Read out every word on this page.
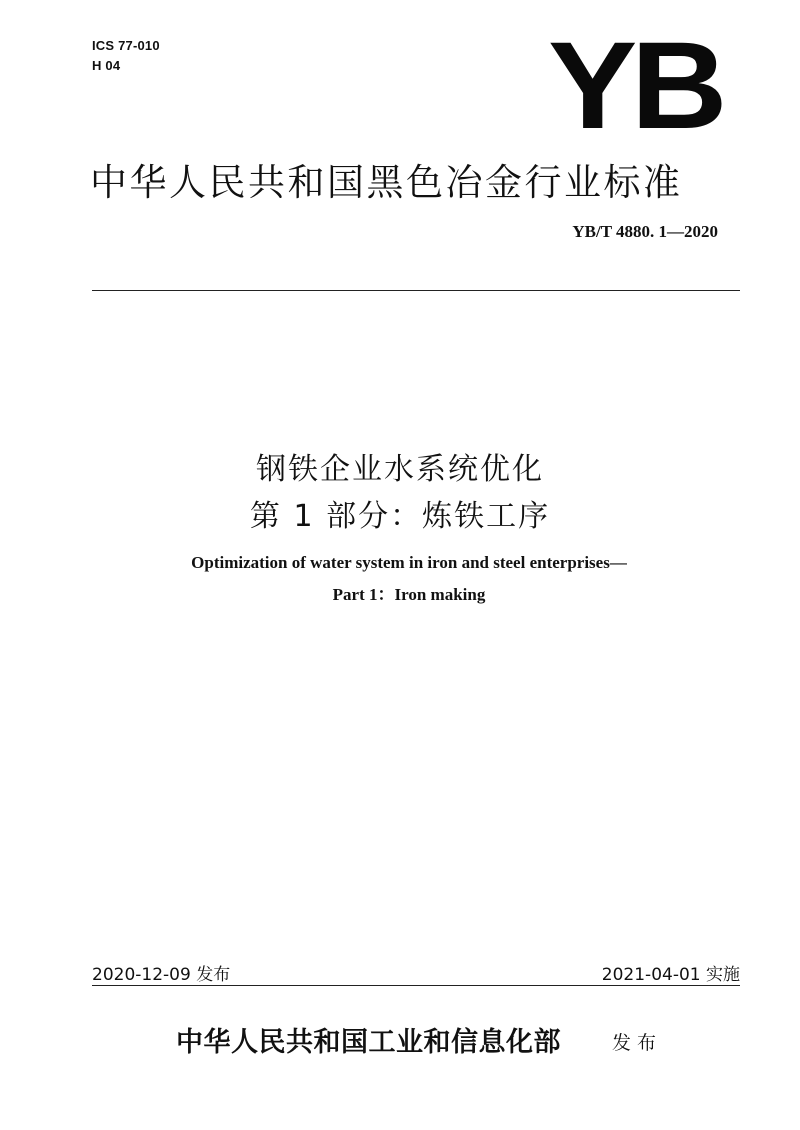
ICS 77-010
H 04	YB
中华人民共和国黑色冶金行业标准
YB/T 4880. 1—2020
钢铁企业水系统优化
第 1 部分：炼铁工序
Optimization of water system in iron and steel enterprises—
Part 1：Iron making
2020-12-09 发布	2021-04-01 实施
中华人民共和国工业和信息化部	发布
